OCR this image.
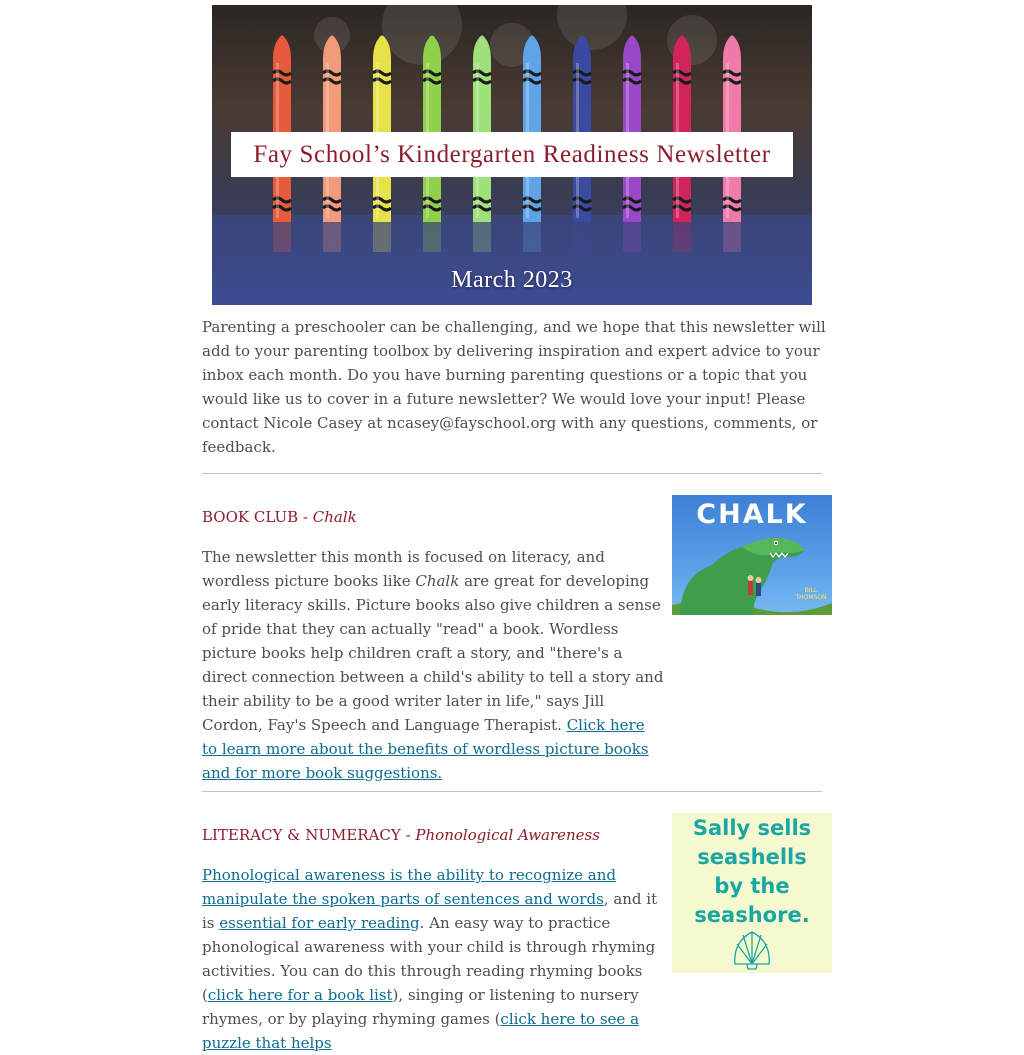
Fay School’s Kindergarten Readiness Newsletter
March 2023

Parenting a preschooler can be challenging, and we hope that this newsletter will add to your parenting toolbox by delivering inspiration and expert advice to your inbox each month. Do you have burning parenting questions or a topic that you would like us to cover in a future newsletter? We would love your input! Please contact Nicole Casey at ncasey@fayschool.org with any questions, comments, or feedback.

BOOK CLUB - Chalk

The newsletter this month is focused on literacy, and wordless picture books like Chalk are great for developing early literacy skills. Picture books also give children a sense of pride that they can actually "read" a book. Wordless picture books help children craft a story, and "there's a direct connection between a child's ability to tell a story and their ability to be a good writer later in life," says Jill Cordon, Fay's Speech and Language Therapist. Click here to learn more about the benefits of wordless picture books and for more book suggestions.

CHALK
BILL THOMSON

LITERACY & NUMERACY - Phonological Awareness

Phonological awareness is the ability to recognize and manipulate the spoken parts of sentences and words, and it is essential for early reading. An easy way to practice phonological awareness with your child is through rhyming activities. You can do this through reading rhyming books (click here for a book list), singing or listening to nursery rhymes, or by playing rhyming games (click here to see a puzzle that helps

Sally sells
seashells
by the
seashore.
